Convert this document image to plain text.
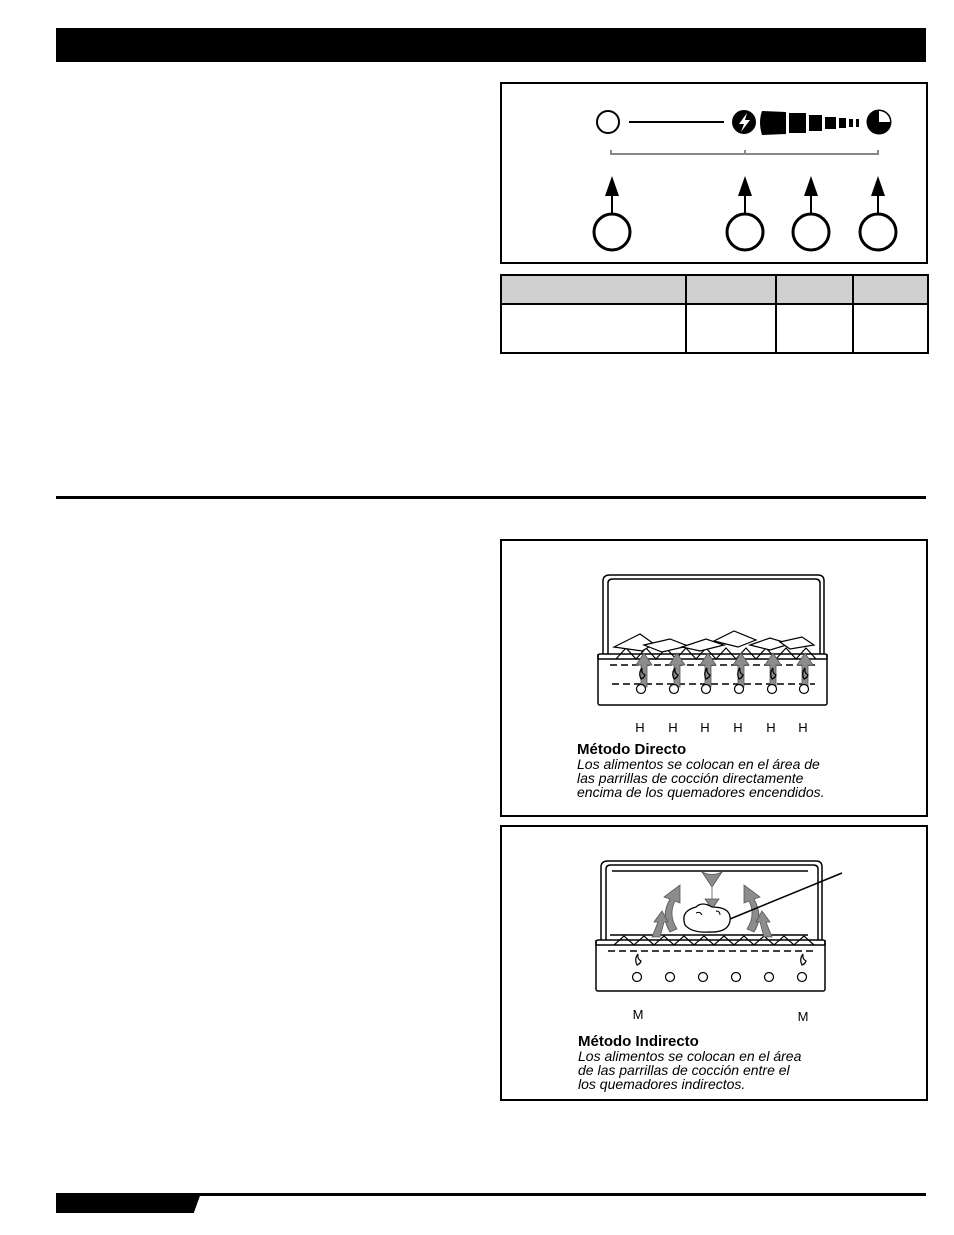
H H H H H H
Método Directo
Los alimentos se colocan en el área de
las parrillas de cocción directamente
encima de los quemadores encendidos.
M	M
Método Indirecto
Los alimentos se colocan en el área
de las parrillas de cocción entre el
los quemadores indirectos.
